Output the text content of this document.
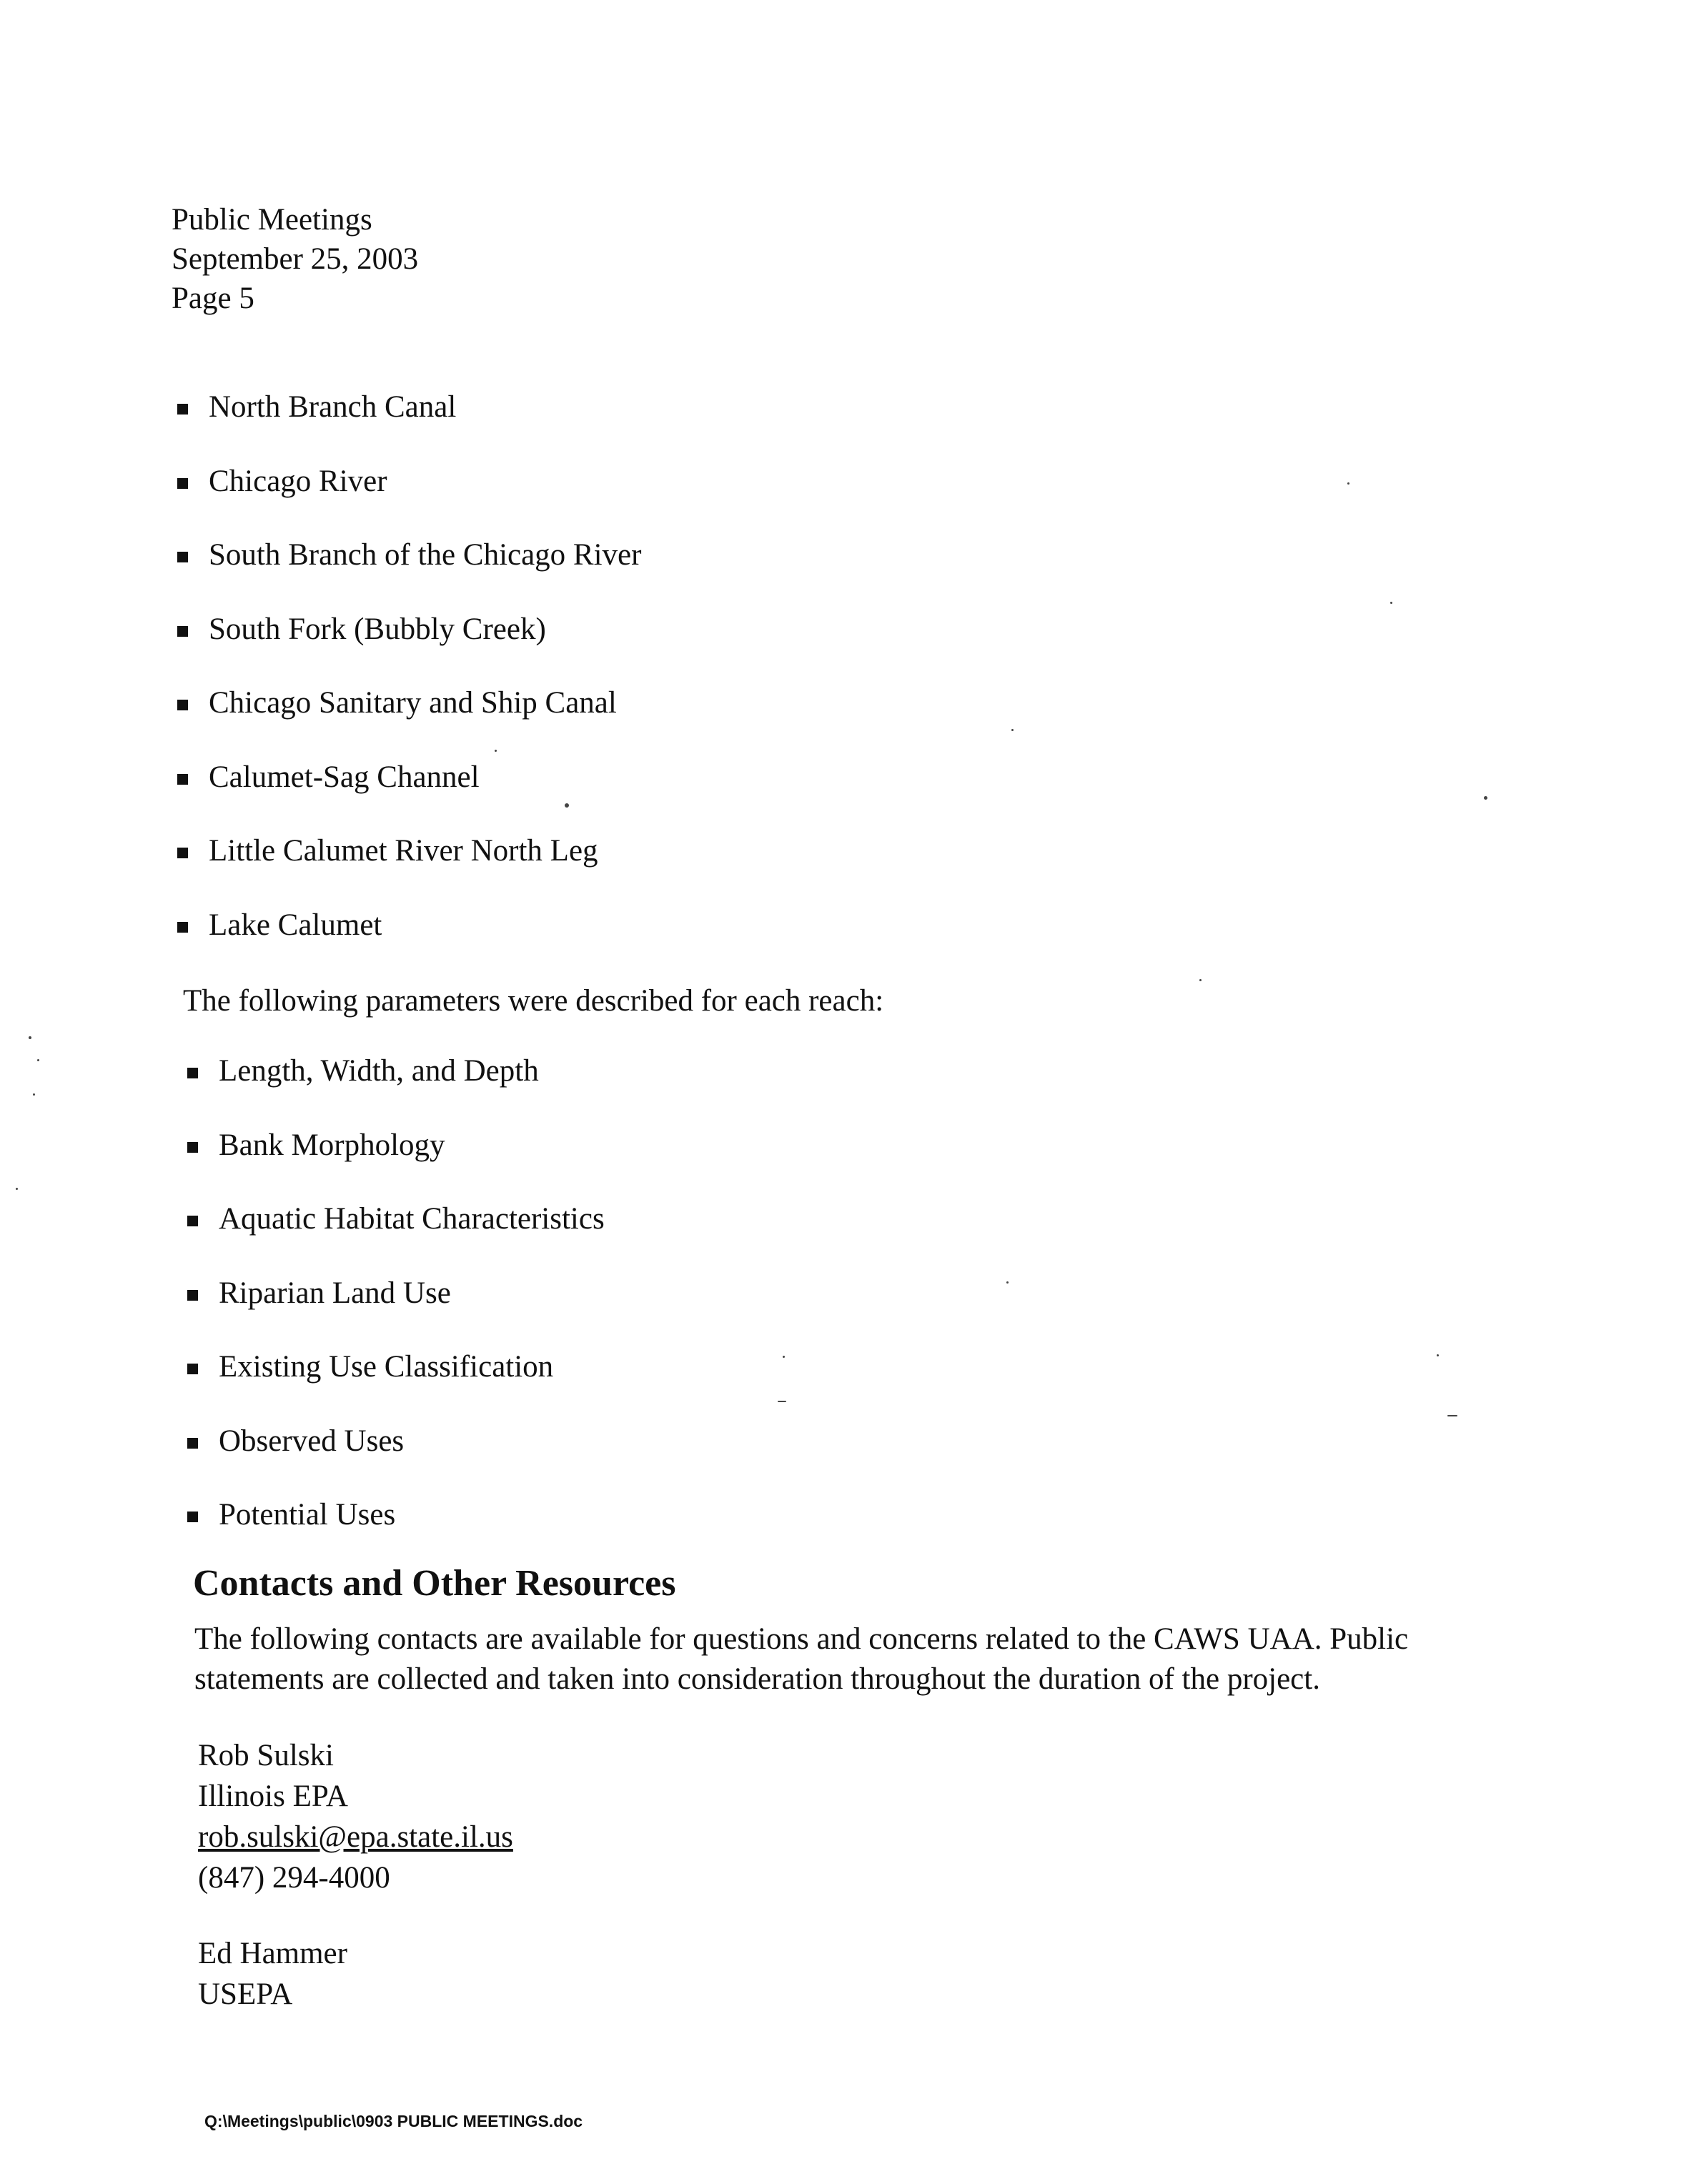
Public Meetings
September 25, 2003
Page 5
North Branch Canal
Chicago River
South Branch of the Chicago River
South Fork (Bubbly Creek)
Chicago Sanitary and Ship Canal
Calumet-Sag Channel
Little Calumet River North Leg
Lake Calumet

The following parameters were described for each reach:

Length, Width, and Depth
Bank Morphology
Aquatic Habitat Characteristics
Riparian Land Use
Existing Use Classification
Observed Uses
Potential Uses
Contacts and Other Resources

The following contacts are available for questions and concerns related to the CAWS UAA. Public
statements are collected and taken into consideration throughout the duration of the project.

Rob Sulski
Illinois EPA
rob.sulski@epa.state.il.us
(847) 294-4000
Ed Hammer
USEPA
Q:\Meetings\public\0903 PUBLIC MEETINGS.doc
